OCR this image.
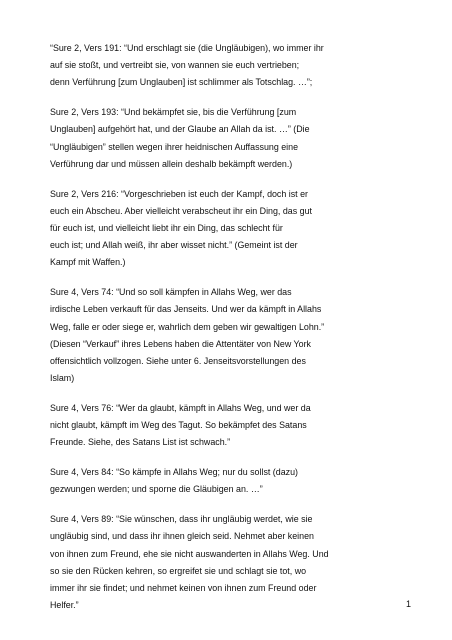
“Sure 2, Vers 191: “Und erschlagt sie (die Ungläubigen), wo immer ihr
auf sie stoßt, und vertreibt sie, von wannen sie euch vertrieben;
denn Verführung [zum Unglauben] ist schlimmer als Totschlag. …”;

Sure 2, Vers 193: “Und bekämpfet sie, bis die Verführung [zum
Unglauben] aufgehört hat, und der Glaube an Allah da ist. …” (Die
“Ungläubigen” stellen wegen ihrer heidnischen Auffassung eine
Verführung dar und müssen allein deshalb bekämpft werden.)

Sure 2, Vers 216: “Vorgeschrieben ist euch der Kampf, doch ist er
euch ein Abscheu. Aber vielleicht verabscheut ihr ein Ding, das gut
für euch ist, und vielleicht liebt ihr ein Ding, das schlecht für
euch ist; und Allah weiß, ihr aber wisset nicht.” (Gemeint ist der
Kampf mit Waffen.)

Sure 4, Vers 74: “Und so soll kämpfen in Allahs Weg, wer das
irdische Leben verkauft für das Jenseits. Und wer da kämpft in Allahs
Weg, falle er oder siege er, wahrlich dem geben wir gewaltigen Lohn.”
(Diesen “Verkauf” ihres Lebens haben die Attentäter von New York
offensichtlich vollzogen. Siehe unter 6. Jenseitsvorstellungen des
Islam)

Sure 4, Vers 76: “Wer da glaubt, kämpft in Allahs Weg, und wer da
nicht glaubt, kämpft im Weg des Tagut. So bekämpfet des Satans
Freunde. Siehe, des Satans List ist schwach.”

Sure 4, Vers 84: “So kämpfe in Allahs Weg; nur du sollst (dazu)
gezwungen werden; und sporne die Gläubigen an. …”

Sure 4, Vers 89: “Sie wünschen, dass ihr ungläubig werdet, wie sie
ungläubig sind, und dass ihr ihnen gleich seid. Nehmet aber keinen
von ihnen zum Freund, ehe sie nicht auswanderten in Allahs Weg. Und
so sie den Rücken kehren, so ergreifet sie und schlagt sie tot, wo
immer ihr sie findet; und nehmet keinen von ihnen zum Freund oder
Helfer.”	1
